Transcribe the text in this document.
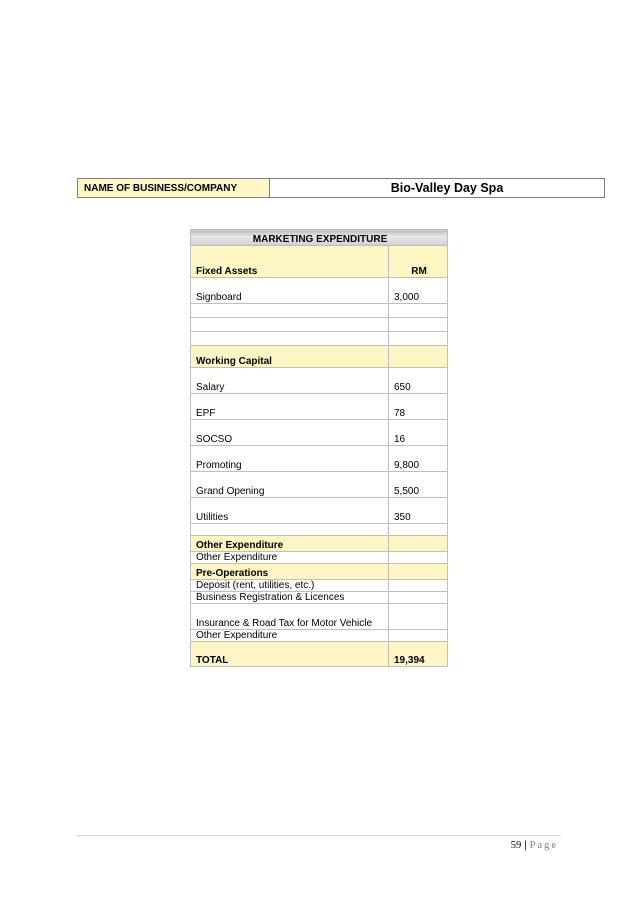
NAME OF BUSINESS/COMPANY	Bio-Valley Day Spa
MARKETING EXPENDITURE	
Fixed Assets	RM
Signboard	3,000

Working Capital	
Salary	650
EPF	78
SOCSO	16
Promoting	9,800
Grand Opening	5,500
Utilities	350

Other Expenditure	
Other Expenditure	
Pre-Operations	
Deposit (rent, utilities, etc.)	
Business Registration & Licences	
Insurance & Road Tax for Motor Vehicle	
Other Expenditure	
TOTAL	19,394
59 | Page
